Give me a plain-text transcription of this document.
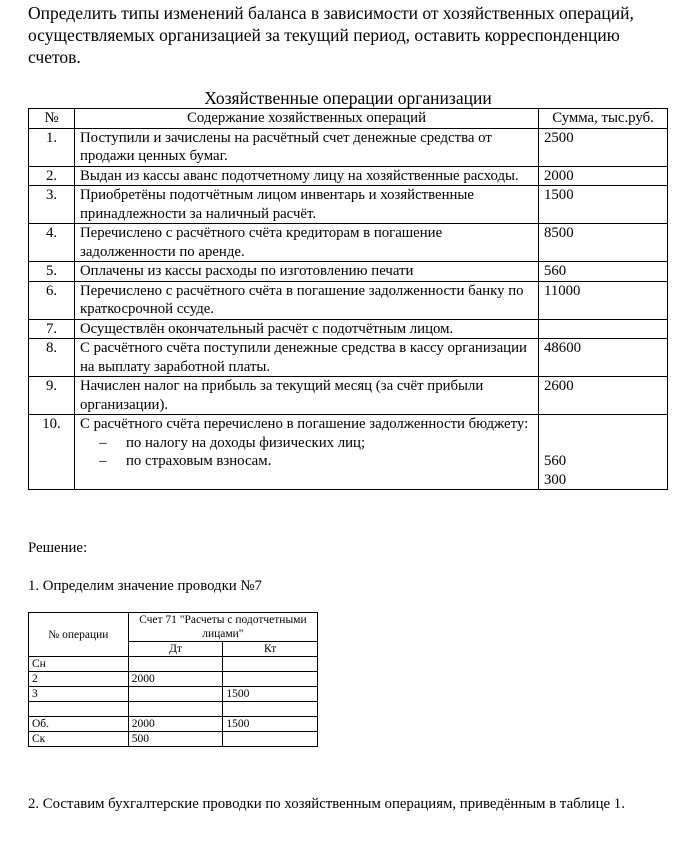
Определить типы изменений баланса в зависимости от хозяйственных операций, осуществляемых организацией за текущий период, оставить корреспонденцию счетов.
Хозяйственные операции организации
№	Содержание хозяйственных операций	Сумма, тыс.руб.
1.	Поступили и зачислены на расчётный счет денежные средства от продажи ценных бумаг.	2500
2.	Выдан из кассы аванс подотчетному лицу на хозяйственные расходы.	2000
3.	Приобретёны подотчётным лицом инвентарь и хозяйственные принадлежности за наличный расчёт.	1500
4.	Перечислено с расчётного счёта кредиторам в погашение задолженности по аренде.	8500
5.	Оплачены из кассы расходы по изготовлению печати	560
6.	Перечислено с расчётного счёта в погашение задолженности банку по краткосрочной ссуде.	11000
7.	Осуществлён окончательный расчёт с подотчётным лицом.	
8.	С расчётного счёта поступили денежные средства в кассу организации на выплату заработной платы.	48600
9.	Начислен налог на прибыль за текущий месяц (за счёт прибыли организации).	2600
10.	С расчётного счёта перечислено в погашение задолженности бюджету:
– по налогу на доходы физических лиц;
– по страховым взносам.	560
300
Решение:
1. Определим значение проводки №7
№ операции	Счет 71 "Расчеты с подотчетными лицами"	
	Дт	Кт
Сн		
2	2000	
3		1500

Об.	2000	1500
Ск	500	
2. Составим бухгалтерские проводки по хозяйственным операциям, приведённым в таблице 1.
